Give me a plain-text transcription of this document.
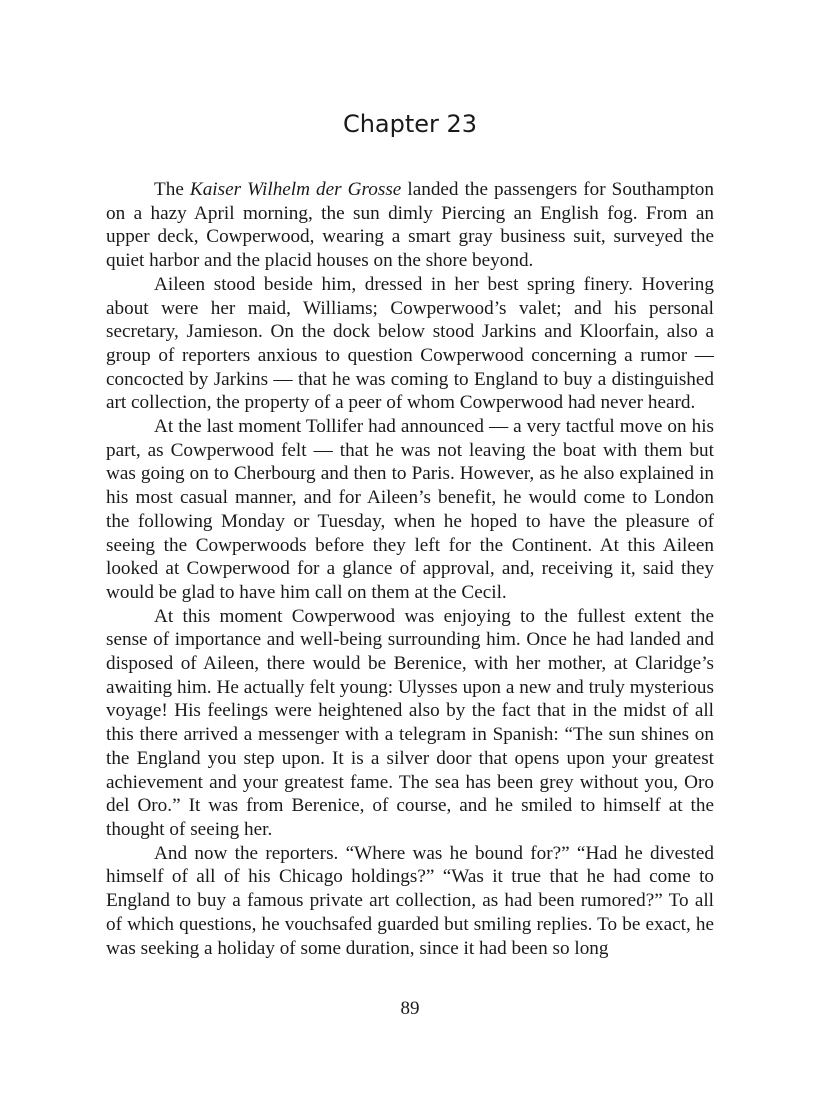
Chapter 23

The Kaiser Wilhelm der Grosse landed the passengers for Southampton on a hazy April morning, the sun dimly Piercing an English fog. From an upper deck, Cowperwood, wearing a smart gray business suit, surveyed the quiet harbor and the placid houses on the shore beyond.

Aileen stood beside him, dressed in her best spring finery. Hovering about were her maid, Williams; Cowperwood’s valet; and his personal secretary, Jamieson. On the dock below stood Jarkins and Kloorfain, also a group of reporters anxious to question Cowperwood concerning a rumor — concocted by Jarkins — that he was coming to England to buy a distinguished art collection, the property of a peer of whom Cowperwood had never heard.

At the last moment Tollifer had announced — a very tactful move on his part, as Cowperwood felt — that he was not leaving the boat with them but was going on to Cherbourg and then to Paris. However, as he also explained in his most casual manner, and for Aileen’s benefit, he would come to London the following Monday or Tuesday, when he hoped to have the pleasure of seeing the Cowperwoods before they left for the Continent. At this Aileen looked at Cowperwood for a glance of approval, and, receiving it, said they would be glad to have him call on them at the Cecil.

At this moment Cowperwood was enjoying to the fullest extent the sense of importance and well-being surrounding him. Once he had landed and disposed of Aileen, there would be Berenice, with her mother, at Claridge’s awaiting him. He actually felt young: Ulysses upon a new and truly mysterious voyage! His feelings were heightened also by the fact that in the midst of all this there arrived a messenger with a telegram in Spanish: “The sun shines on the England you step upon. It is a silver door that opens upon your greatest achievement and your greatest fame. The sea has been grey without you, Oro del Oro.” It was from Berenice, of course, and he smiled to himself at the thought of seeing her.

And now the reporters. “Where was he bound for?” “Had he divested himself of all of his Chicago holdings?” “Was it true that he had come to England to buy a famous private art collection, as had been rumored?” To all of which questions, he vouchsafed guarded but smiling replies. To be exact, he was seeking a holiday of some duration, since it had been so long

89
